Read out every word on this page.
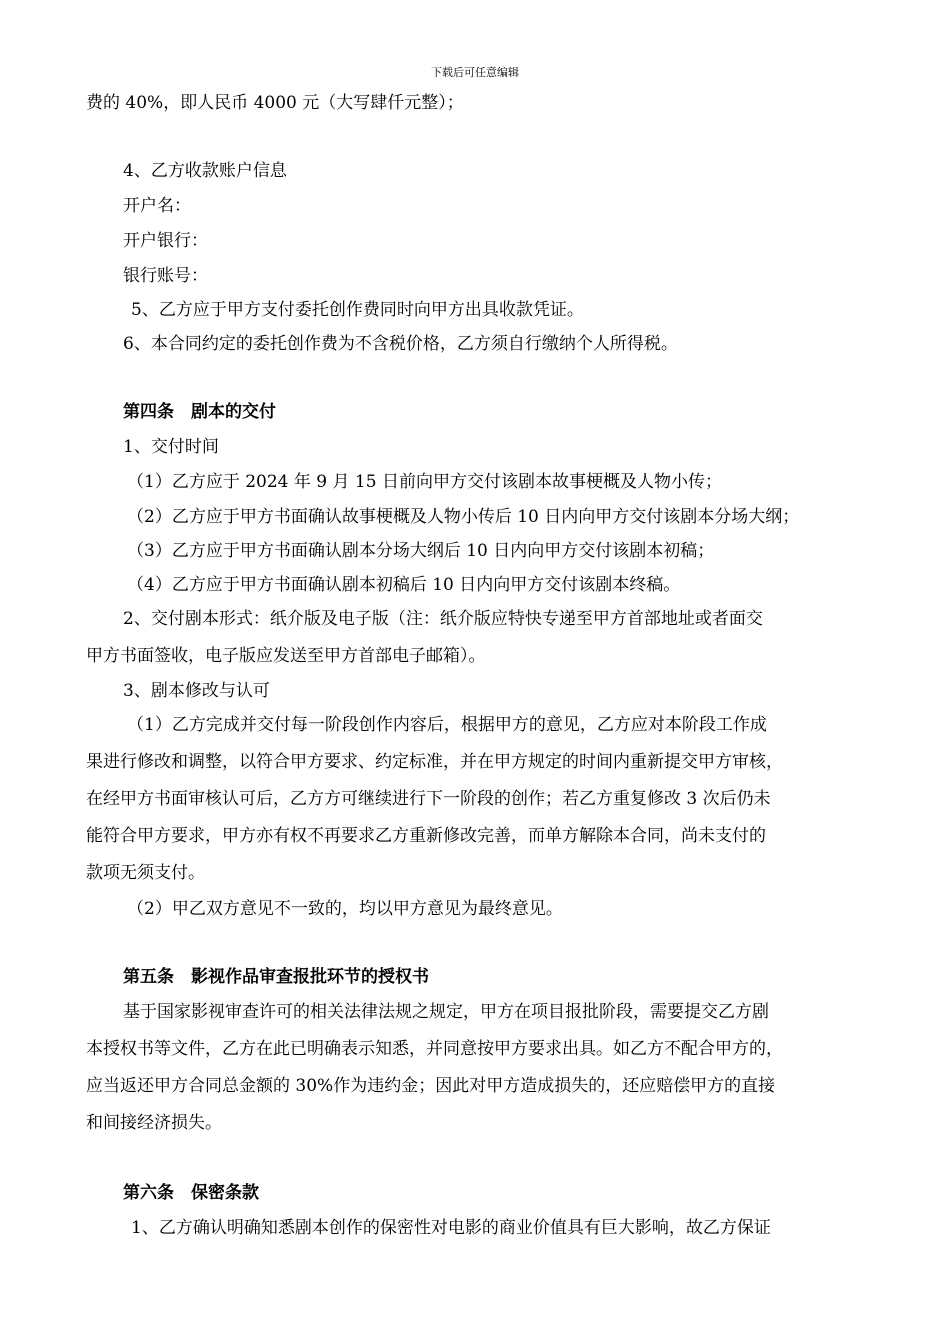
下载后可任意编辑
费的 40%，即人民币 4000 元（大写肆仟元整）；
4、乙方收款账户信息
开户名：
开户银行：
银行账号：
5、乙方应于甲方支付委托创作费同时向甲方出具收款凭证。
6、本合同约定的委托创作费为不含税价格，乙方须自行缴纳个人所得税。
第四条　剧本的交付
1、交付时间
（1）乙方应于 2024 年 9 月 15 日前向甲方交付该剧本故事梗概及人物小传；
（2）乙方应于甲方书面确认故事梗概及人物小传后 10 日内向甲方交付该剧本分场大纲；
（3）乙方应于甲方书面确认剧本分场大纲后 10 日内向甲方交付该剧本初稿；
（4）乙方应于甲方书面确认剧本初稿后 10 日内向甲方交付该剧本终稿。
2、交付剧本形式：纸介版及电子版（注：纸介版应特快专递至甲方首部地址或者面交
甲方书面签收，电子版应发送至甲方首部电子邮箱）。
3、剧本修改与认可
（1）乙方完成并交付每一阶段创作内容后，根据甲方的意见，乙方应对本阶段工作成
果进行修改和调整，以符合甲方要求、约定标准，并在甲方规定的时间内重新提交甲方审核，
在经甲方书面审核认可后，乙方方可继续进行下一阶段的创作；若乙方重复修改 3 次后仍未
能符合甲方要求，甲方亦有权不再要求乙方重新修改完善，而单方解除本合同，尚未支付的
款项无须支付。
（2）甲乙双方意见不一致的，均以甲方意见为最终意见。
第五条　影视作品审查报批环节的授权书
基于国家影视审查许可的相关法律法规之规定，甲方在项目报批阶段，需要提交乙方剧
本授权书等文件，乙方在此已明确表示知悉，并同意按甲方要求出具。如乙方不配合甲方的，
应当返还甲方合同总金额的 30%作为违约金；因此对甲方造成损失的，还应赔偿甲方的直接
和间接经济损失。
第六条　保密条款
1、乙方确认明确知悉剧本创作的保密性对电影的商业价值具有巨大影响，故乙方保证
